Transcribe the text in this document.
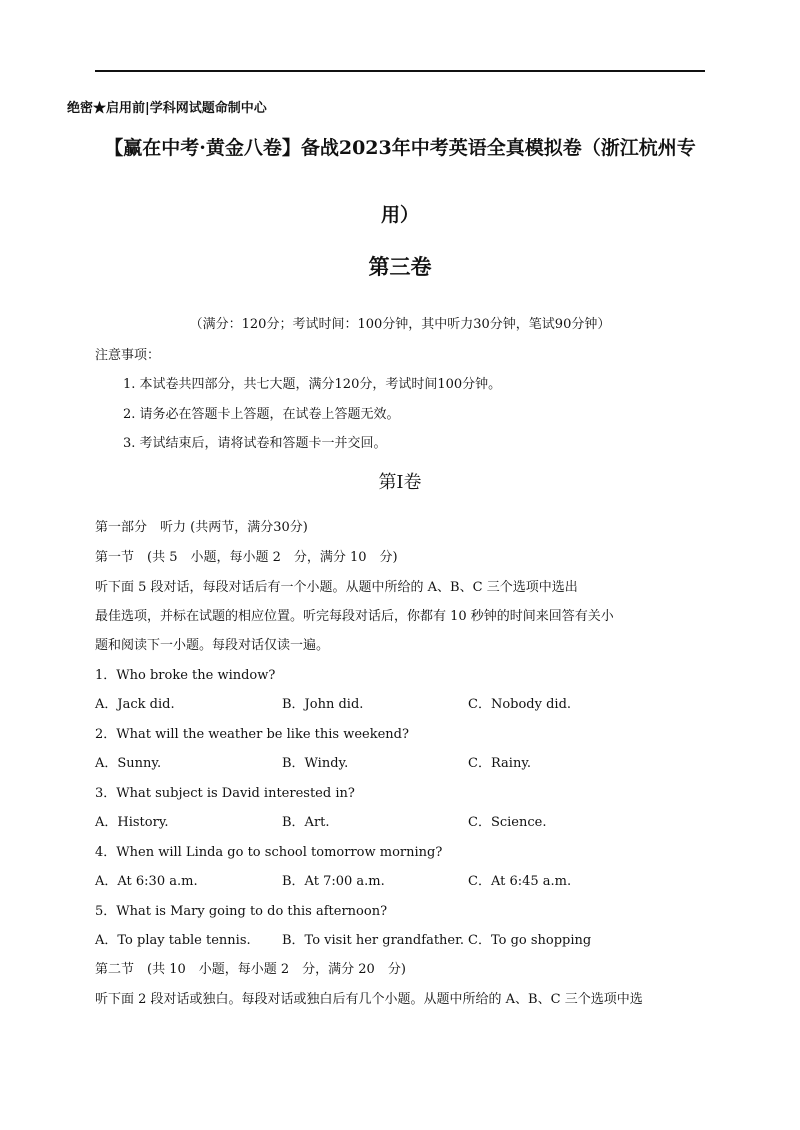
绝密★启用前|学科网试题命制中心
【赢在中考·黄金八卷】备战2023年中考英语全真模拟卷（浙江杭州专
用）
第三卷
（满分：120分；考试时间：100分钟，其中听力30分钟，笔试90分钟）
注意事项：
1. 本试卷共四部分，共七大题，满分120分，考试时间100分钟。
2. 请务必在答题卡上答题，在试卷上答题无效。
3. 考试结束后，请将试卷和答题卡一并交回。
第I卷
第一部分　听力 (共两节，满分30分)
第一节　(共 5　小题，每小题 2　分，满分 10　分)
听下面 5 段对话，每段对话后有一个小题。从题中所给的 A、B、C 三个选项中选出
最佳选项，并标在试题的相应位置。听完每段对话后，你都有 10 秒钟的时间来回答有关小
题和阅读下一小题。每段对话仅读一遍。
1．Who broke the window?
A．Jack did.	B．John did.	C．Nobody did.
2．What will the weather be like this weekend?
A．Sunny.	B．Windy.	C．Rainy.
3．What subject is David interested in?
A．History.	B．Art.	C．Science.
4．When will Linda go to school tomorrow morning?
A．At 6:30 a.m.	B．At 7:00 a.m.	C．At 6:45 a.m.
5．What is Mary going to do this afternoon?
A．To play table tennis. B．To visit her grandfather. C．To go shopping
第二节　(共 10　小题，每小题 2　分，满分 20　分)
听下面 2 段对话或独白。每段对话或独白后有几个小题。从题中所给的 A、B、C 三个选项中选
